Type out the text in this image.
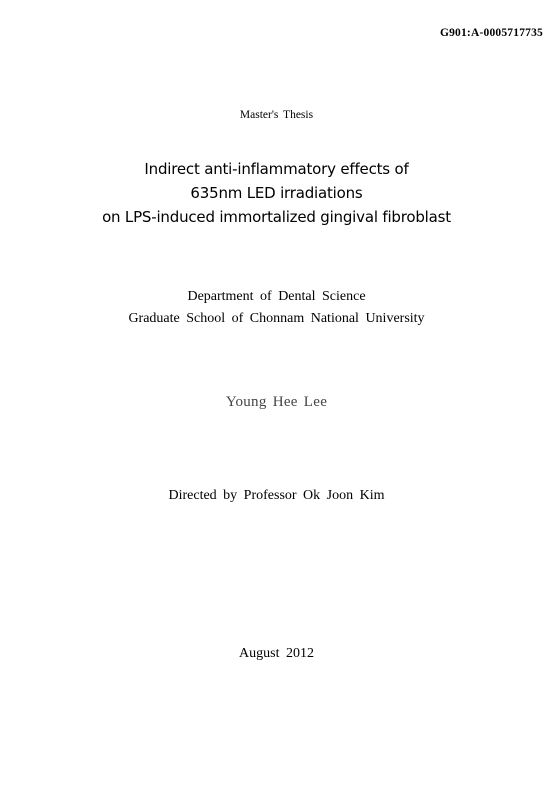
G901:A-0005717735
Master's Thesis
Indirect anti-inflammatory effects of
635nm LED irradiations
on LPS-induced immortalized gingival fibroblast
Department of Dental Science
Graduate School of Chonnam National University
Young Hee Lee
Directed by Professor Ok Joon Kim
August 2012
